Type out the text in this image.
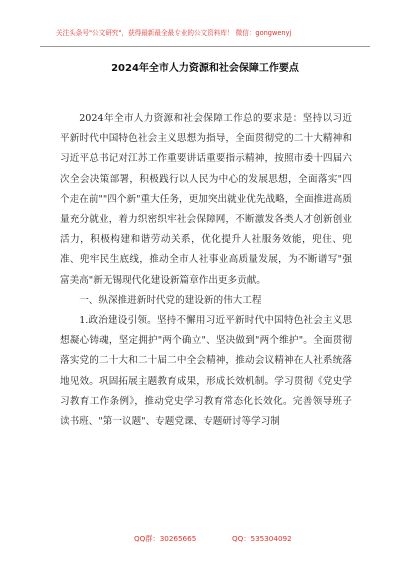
关注头条号"公文研究"，获得最新最全最专业的公文资料库！ 微信：gongwenyj
2024年全市人力资源和社会保障工作要点

2024年全市人力资源和社会保障工作总的要求是：坚持以习近平新时代中国特色社会主义思想为指导，全面贯彻党的二十大精神和习近平总书记对江苏工作重要讲话重要指示精神，按照市委十四届六次全会决策部署，积极践行以人民为中心的发展思想，全面落实"四个走在前""四个新"重大任务，更加突出就业优先战略，全面推进高质量充分就业，着力织密织牢社会保障网，不断激发各类人才创新创业活力，积极构建和谐劳动关系，优化提升人社服务效能，兜住、兜准、兜牢民生底线，推动全市人社事业高质量发展，为不断谱写"强富美高"新无锡现代化建设新篇章作出更多贡献。

一、纵深推进新时代党的建设新的伟大工程

1.政治建设引领。坚持不懈用习近平新时代中国特色社会主义思想凝心铸魂，坚定拥护"两个确立"、坚决做到"两个维护"。全面贯彻落实党的二十大和二十届二中全会精神，推动会议精神在人社系统落地见效。巩固拓展主题教育成果，形成长效机制。学习贯彻《党史学习教育工作条例》，推动党史学习教育常态化长效化。完善领导班子读书班、"第一议题"、专题党课、专题研讨等学习制

QQ群：30265665	QQ：535304092
